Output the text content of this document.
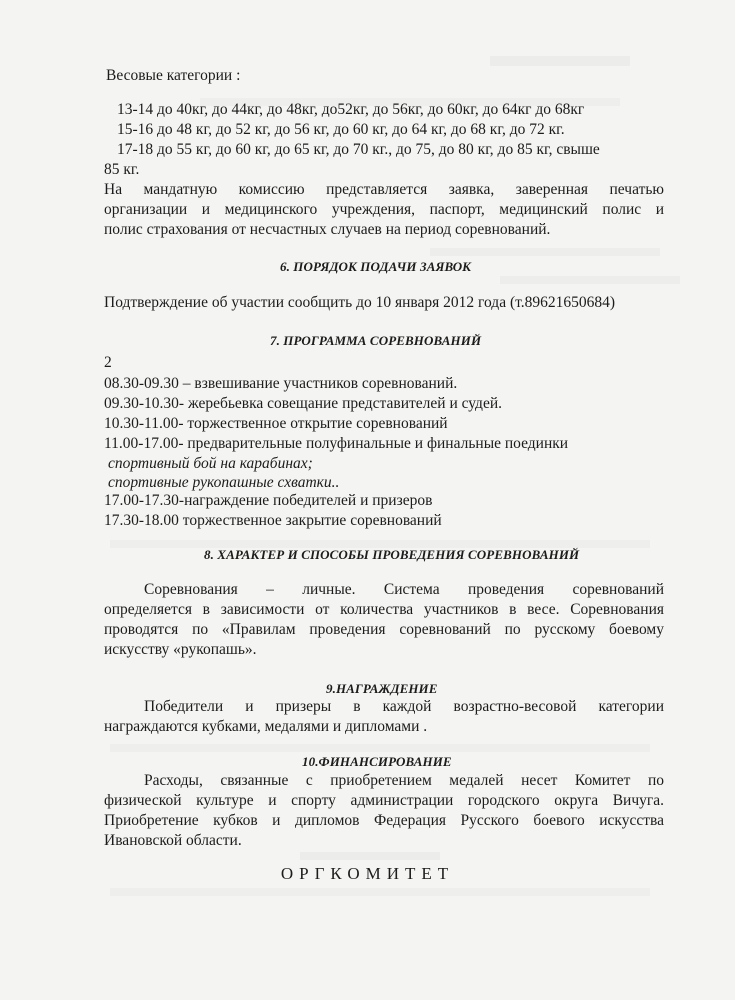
Весовые категории :
13-14 до 40кг, до 44кг, до 48кг, до52кг, до 56кг, до 60кг, до 64кг до 68кг
15-16 до 48 кг, до 52 кг, до 56 кг, до 60 кг, до 64 кг, до 68 кг, до 72 кг.
17-18 до 55 кг, до 60 кг, до 65 кг, до 70 кг., до 75, до 80 кг, до 85 кг, свыше
85 кг.
На мандатную комиссию представляется заявка, заверенная печатью
организации и медицинского учреждения, паспорт, медицинский полис и
полис страхования от несчастных случаев на период соревнований.
6. ПОРЯДОК ПОДАЧИ ЗАЯВОК
Подтверждение об участии сообщить до 10 января 2012 года (т.89621650684)
7. ПРОГРАММА СОРЕВНОВАНИЙ
2
08.30-09.30 – взвешивание участников соревнований.
09.30-10.30- жеребьевка совещание представителей и судей.
10.30-11.00- торжественное открытие соревнований
11.00-17.00- предварительные полуфинальные и финальные поединки
спортивный бой на карабинах;
спортивные рукопашные схватки..
17.00-17.30-награждение победителей и призеров
17.30-18.00 торжественное закрытие соревнований
8. ХАРАКТЕР И СПОСОБЫ ПРОВЕДЕНИЯ СОРЕВНОВАНИЙ
Соревнования – личные. Система проведения соревнований
определяется в зависимости от количества участников в весе. Соревнования
проводятся по «Правилам проведения соревнований по русскому боевому
искусству «рукопашь».
9.НАГРАЖДЕНИЕ
Победители и призеры в каждой возрастно-весовой категории
награждаются кубками, медалями и дипломами .
10.ФИНАНСИРОВАНИЕ
Расходы, связанные с приобретением медалей несет Комитет по
физической культуре и спорту администрации городского округа Вичуга.
Приобретение кубков и дипломов Федерация Русского боевого искусства
Ивановской области.
ОРГКОМИТЕТ
